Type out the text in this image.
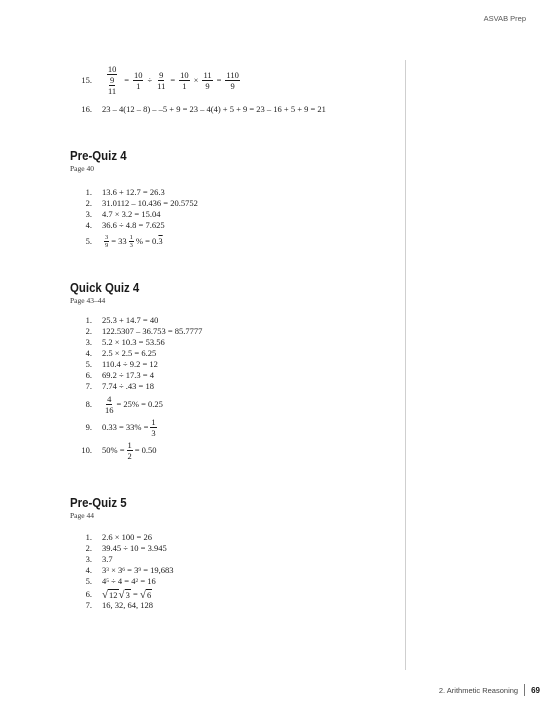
ASVAB Prep
15. $\frac{10}{\frac{9}{11}} = \frac{10}{1} \div \frac{9}{11} = \frac{10}{1} \times \frac{11}{9} = \frac{110}{9}$
16. 23 – 4(12 – 8) – –5 + 9 = 23 – 4(4) + 5 + 9 = 23 – 16 + 5 + 9 = 21
Pre-Quiz 4
Page 40
1. 13.6 + 12.7 = 26.3
2. 31.0112 – 10.436 = 20.5752
3. 4.7 × 3.2 = 15.04
4. 36.6 ÷ 4.8 = 7.625
5. $\frac{3}{9} = 33 \frac{1}{3}$ % = 0. 3
Quick Quiz 4
Page 43–44
1. 25.3 + 14.7 = 40
2. 122.5307 – 36.753 = 85.7777
3. 5.2 × 10.3 = 53.56
4. 2.5 × 2.5 = 6.25
5. 110.4 ÷ 9.2 = 12
6. 69.2 ÷ 17.3 = 4
7. 7.74 ÷ .43 = 18
8. $\frac{4}{16} = 25\% = 0.25$
9. $0.33 = 33\% = \frac{1}{3}$
10. $50\% = \frac{1}{2} = 0.50$
Pre-Quiz 5
Page 44
1. 2.6 × 100 = 26
2. 39.45 ÷ 10 = 3.945
3. 3.7
4. 3 3 × 3 6 = 3 9 = 19,683
5. 4 5 ÷ 4 = 4 2 = 16
6. √ 12 √ 3 = √ 6
7. 16, 32, 64, 128
2. Arithmetic Reasoning 69
